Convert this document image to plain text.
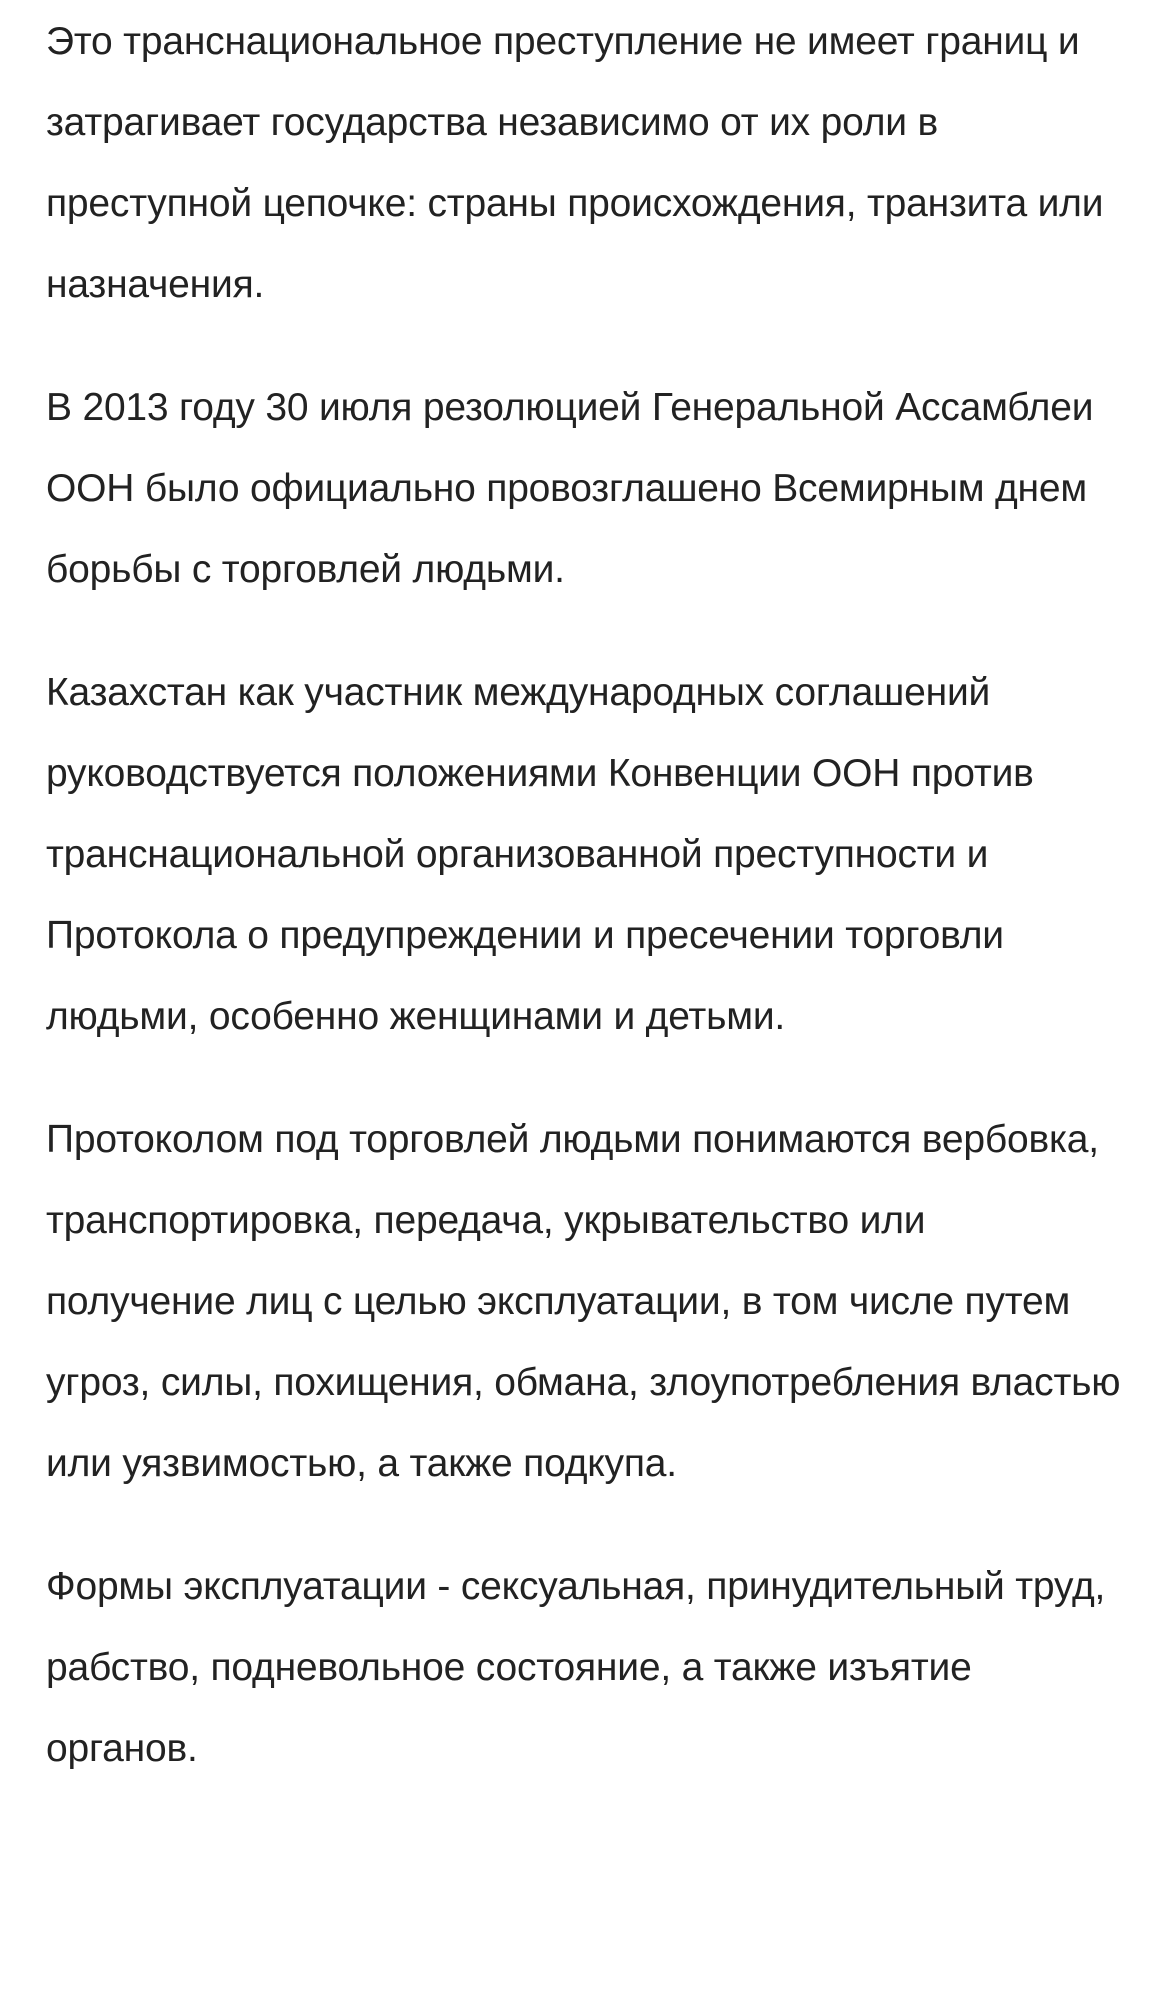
Это транснациональное преступление не имеет границ и затрагивает государства независимо от их роли в преступной цепочке: страны происхождения, транзита или назначения.

В 2013 году 30 июля резолюцией Генеральной Ассамблеи ООН было официально провозглашено Всемирным днем борьбы с торговлей людьми.

Казахстан как участник международных соглашений руководствуется положениями Конвенции ООН против транснациональной организованной преступности и Протокола о предупреждении и пресечении торговли людьми, особенно женщинами и детьми.

Протоколом под торговлей людьми понимаются вербовка, транспортировка, передача, укрывательство или получение лиц с целью эксплуатации, в том числе путем угроз, силы, похищения, обмана, злоупотребления властью или уязвимостью, а также подкупа.

Формы эксплуатации - сексуальная, принудительный труд, рабство, подневольное состояние, а также изъятие органов.
